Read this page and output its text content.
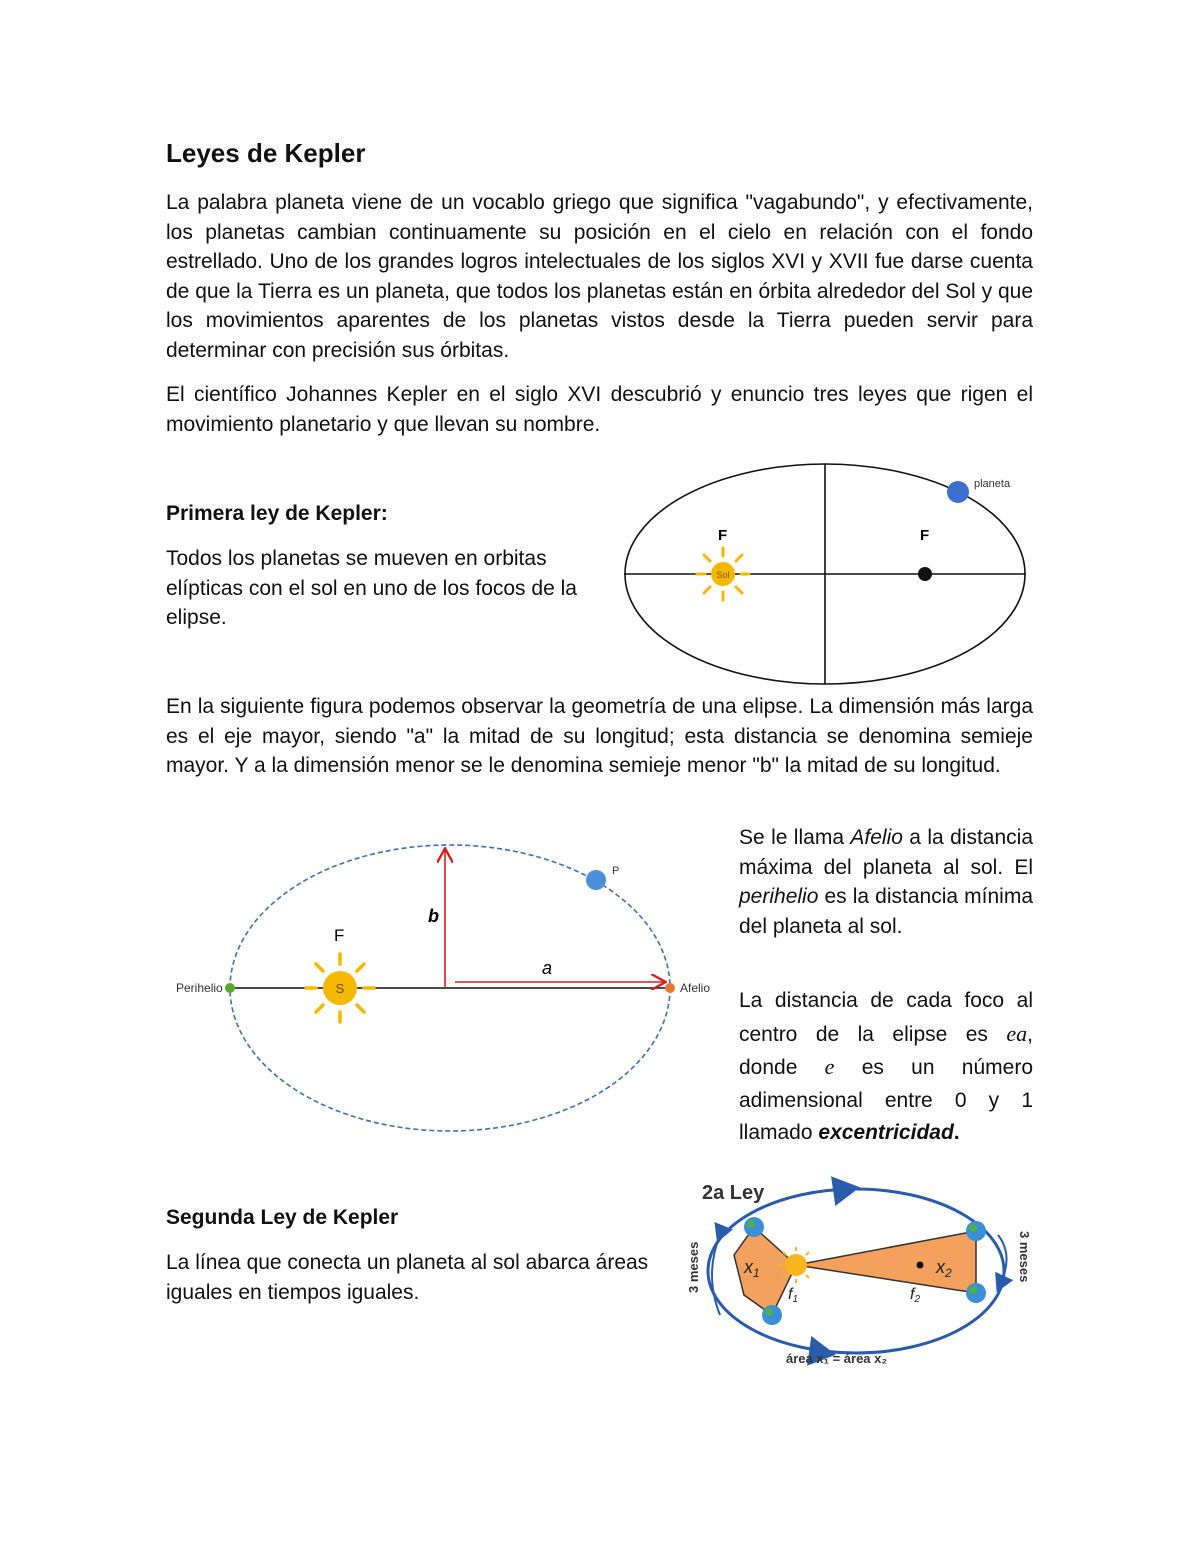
Leyes de Kepler

La palabra planeta viene de un vocablo griego que significa "vagabundo", y efectivamente, los planetas cambian continuamente su posición en el cielo en relación con el fondo estrellado. Uno de los grandes logros intelectuales de los siglos XVI y XVII fue darse cuenta de que la Tierra es un planeta, que todos los planetas están en órbita alrededor del Sol y que los movimientos aparentes de los planetas vistos desde la Tierra pueden servir para determinar con precisión sus órbitas.

El científico Johannes Kepler en el siglo XVI descubrió y enuncio tres leyes que rigen el movimiento planetario y que llevan su nombre.

Primera ley de Kepler:

Todos los planetas se mueven en orbitas elípticas con el sol en uno de los focos de la elipse.

Sol
F	F
planeta

En la siguiente figura podemos observar la geometría de una elipse. La dimensión más larga es el eje mayor, siendo "a" la mitad de su longitud; esta distancia se denomina semieje mayor. Y a la dimensión menor se le denomina semieje menor "b" la mitad de su longitud.

b
a
S
F
Perihelio	Afelio
P
Se le llama Afelio a la distancia máxima del planeta al sol. El perihelio es la distancia mínima del planeta al sol.
La distancia de cada foco al centro de la elipse es ea, donde e es un número adimensional entre 0 y 1 llamado excentricidad.

Segunda Ley de Kepler

La línea que conecta un planeta al sol abarca áreas iguales en tiempos iguales.

2a Ley
$x_1$	$x_2$
f1	f2
3 meses	3 meses
área x₁ = área x₂
